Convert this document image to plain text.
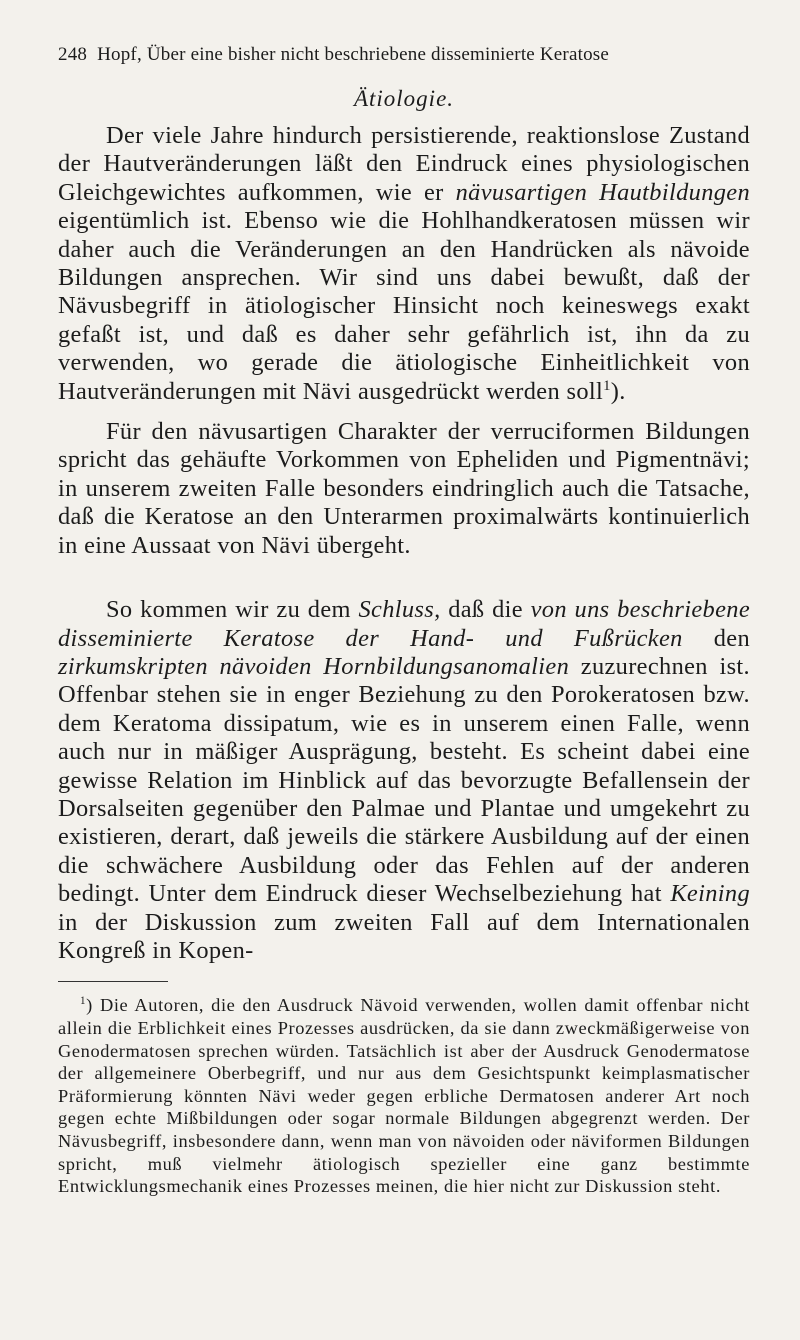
248 Hopf, Über eine bisher nicht beschriebene disseminierte Keratose
Ätiologie.

Der viele Jahre hindurch persistierende, reaktionslose Zustand der Hautveränderungen läßt den Eindruck eines physiologischen Gleichgewichtes aufkommen, wie er nävusartigen Hautbildungen eigentümlich ist. Ebenso wie die Hohlhandkeratosen müssen wir daher auch die Veränderungen an den Handrücken als nävoide Bildungen ansprechen. Wir sind uns dabei bewußt, daß der Nävusbegriff in ätiologischer Hinsicht noch keineswegs exakt gefaßt ist, und daß es daher sehr gefährlich ist, ihn da zu verwenden, wo gerade die ätiologische Einheitlichkeit von Hautveränderungen mit Nävi ausgedrückt werden soll$^1$).

Für den nävusartigen Charakter der verruciformen Bildungen spricht das gehäufte Vorkommen von Epheliden und Pigmentnävi; in unserem zweiten Falle besonders eindringlich auch die Tatsache, daß die Keratose an den Unterarmen proximalwärts kontinuierlich in eine Aussaat von Nävi übergeht.

So kommen wir zu dem Schluss, daß die von uns beschriebene disseminierte Keratose der Hand- und Fußrücken den zirkumskripten nävoiden Hornbildungsanomalien zuzurechnen ist. Offenbar stehen sie in enger Beziehung zu den Porokeratosen bzw. dem Keratoma dissipatum, wie es in unserem einen Falle, wenn auch nur in mäßiger Ausprägung, besteht. Es scheint dabei eine gewisse Relation im Hinblick auf das bevorzugte Befallensein der Dorsalseiten gegenüber den Palmae und Plantae und umgekehrt zu existieren, derart, daß jeweils die stärkere Ausbildung auf der einen die schwächere Ausbildung oder das Fehlen auf der anderen bedingt. Unter dem Eindruck dieser Wechselbeziehung hat Keining in der Diskussion zum zweiten Fall auf dem Internationalen Kongreß in Kopen-

$^1$) Die Autoren, die den Ausdruck Nävoid verwenden, wollen damit offenbar nicht allein die Erblichkeit eines Prozesses ausdrücken, da sie dann zweckmäßigerweise von Genodermatosen sprechen würden. Tatsächlich ist aber der Ausdruck Genodermatose der allgemeinere Oberbegriff, und nur aus dem Gesichtspunkt keimplasmatischer Präformierung könnten Nävi weder gegen erbliche Dermatosen anderer Art noch gegen echte Mißbildungen oder sogar normale Bildungen abgegrenzt werden. Der Nävusbegriff, insbesondere dann, wenn man von nävoiden oder näviformen Bildungen spricht, muß vielmehr ätiologisch spezieller eine ganz bestimmte Entwicklungsmechanik eines Prozesses meinen, die hier nicht zur Diskussion steht.
